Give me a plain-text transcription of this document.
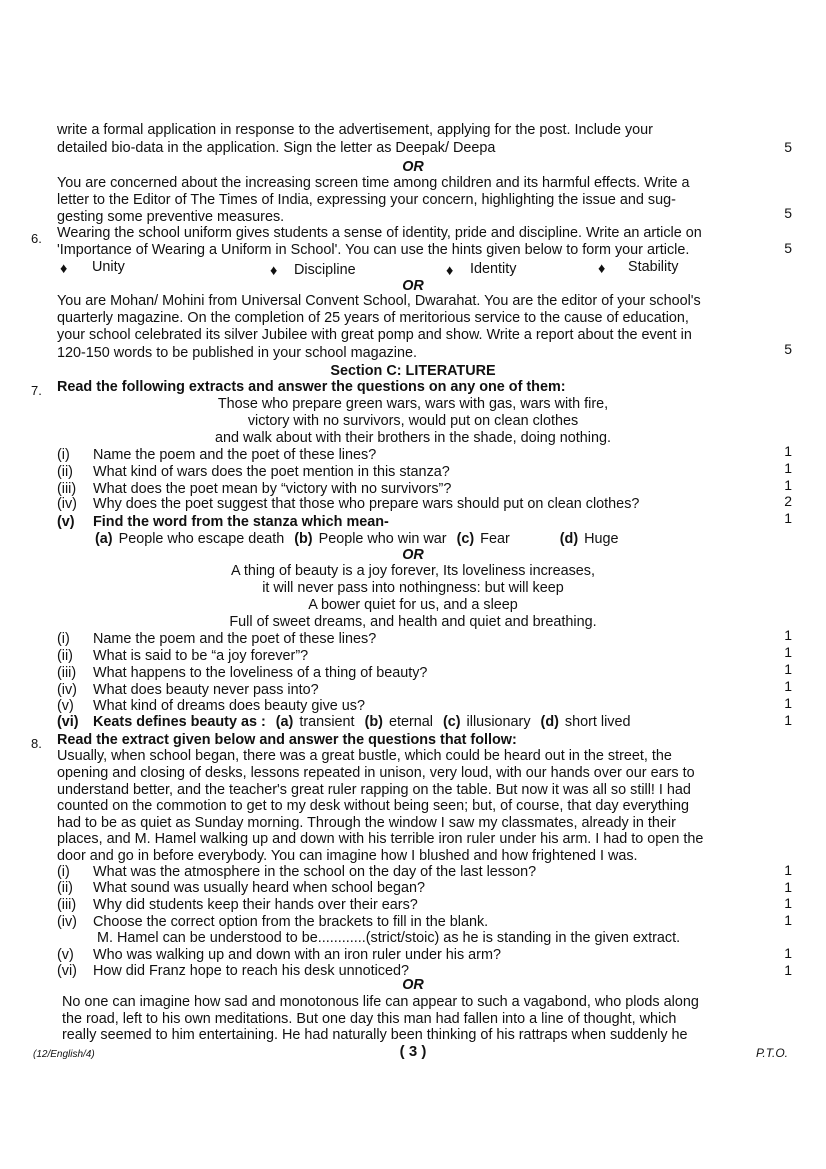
write a formal application in response to the advertisement, applying for the post. Include your
detailed bio-data in the application. Sign the letter as Deepak/ Deepa	5
OR
You are concerned about the increasing screen time among children and its harmful effects. Write a
letter to the Editor of The Times of India, expressing your concern, highlighting the issue and sug-
gesting some preventive measures.	5
6. Wearing the school uniform gives students a sense of identity, pride and discipline. Write an article on
'Importance of Wearing a Uniform in School'. You can use the hints given below to form your article.	5
♦ Unity	♦ Discipline	♦ Identity	♦ Stability
OR
You are Mohan/ Mohini from Universal Convent School, Dwarahat. You are the editor of your school's
quarterly magazine. On the completion of 25 years of meritorious service to the cause of education,
your school celebrated its silver Jubilee with great pomp and show. Write a report about the event in
120-150 words to be published in your school magazine.	5
Section C: LITERATURE
7. Read the following extracts and answer the questions on any one of them:
Those who prepare green wars, wars with gas, wars with fire,
victory with no survivors, would put on clean clothes
and walk about with their brothers in the shade, doing nothing.
(i) Name the poem and the poet of these lines?	1
(ii) What kind of wars does the poet mention in this stanza?	1
(iii) What does the poet mean by “victory with no survivors”?	1
(iv) Why does the poet suggest that those who prepare wars should put on clean clothes?	2
(v) Find the word from the stanza which mean-	1
(a) People who escape death (b) People who win war (c) Fear	(d) Huge
OR
A thing of beauty is a joy forever, Its loveliness increases,
it will never pass into nothingness: but will keep
A bower quiet for us, and a sleep
Full of sweet dreams, and health and quiet and breathing.
(i) Name the poem and the poet of these lines?	1
(ii) What is said to be “a joy forever”?	1
(iii) What happens to the loveliness of a thing of beauty?	1
(iv) What does beauty never pass into?	1
(v) What kind of dreams does beauty give us?	1
(vi) Keats defines beauty as : (a) transient (b) eternal (c) illusionary (d) short lived	1
8. Read the extract given below and answer the questions that follow:
Usually, when school began, there was a great bustle, which could be heard out in the street, the
opening and closing of desks, lessons repeated in unison, very loud, with our hands over our ears to
understand better, and the teacher's great ruler rapping on the table. But now it was all so still! I had
counted on the commotion to get to my desk without being seen; but, of course, that day everything
had to be as quiet as Sunday morning. Through the window I saw my classmates, already in their
places, and M. Hamel walking up and down with his terrible iron ruler under his arm. I had to open the
door and go in before everybody. You can imagine how I blushed and how frightened I was.
(i) What was the atmosphere in the school on the day of the last lesson?	1
(ii) What sound was usually heard when school began?	1
(iii) Why did students keep their hands over their ears?	1
(iv) Choose the correct option from the brackets to fill in the blank.	1
M. Hamel can be understood to be............(strict/stoic) as he is standing in the given extract.
(v) Who was walking up and down with an iron ruler under his arm?	1
(vi) How did Franz hope to reach his desk unnoticed?	1
OR
No one can imagine how sad and monotonous life can appear to such a vagabond, who plods along
the road, left to his own meditations. But one day this man had fallen into a line of thought, which
really seemed to him entertaining. He had naturally been thinking of his rattraps when suddenly he
(12/English/4)	( 3 )	P.T.O.
